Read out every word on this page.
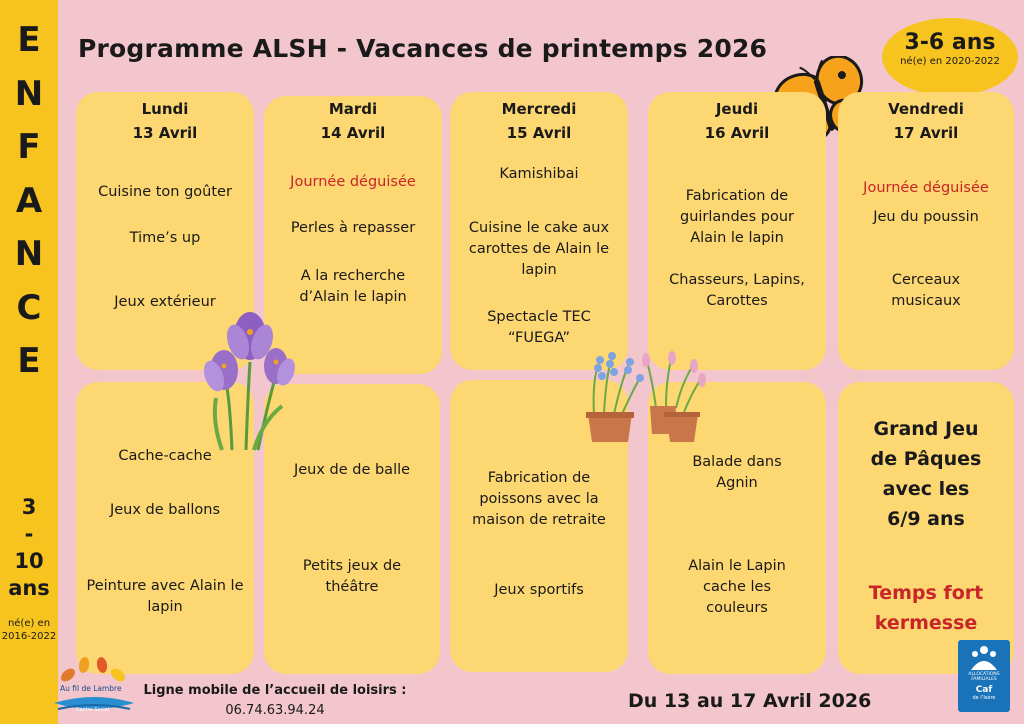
E
N
F
A
N
C
E
3
-
10
ans
né(e) en 2016-2022
Programme ALSH - Vacances de printemps 2026	3-6 ans
né(e) en 2020-2022
Lundi
13 Avril
Cuisine ton goûter
Time’s up
Jeux extérieur
Mardi
14 Avril
Journée déguisée
Perles à repasser
A la recherche d’Alain le lapin
Mercredi
15 Avril
Kamishibai
Cuisine le cake aux carottes de Alain le lapin
Spectacle TEC “FUEGA”
Jeudi
16 Avril
Fabrication de guirlandes pour Alain le lapin
Chasseurs, Lapins, Carottes
Vendredi
17 Avril
Journée déguisée
Jeu du poussin
Cerceaux musicaux
Cache-cache
Jeux de ballons
Peinture avec Alain le lapin
Jeux de de balle
Petits jeux de théâtre
Fabrication de poissons avec la maison de retraite
Jeux sportifs
Balade dans Agnin
Alain le Lapin cache les couleurs
Grand Jeu de Pâques avec les 6/9 ans
Temps fort kermesse
Au fil de Lambre
Centre Social
Ligne mobile de l’accueil de loisirs :
06.74.63.94.24	Du 13 au 17 Avril 2026
ALLOCATIONS FAMILIALES
Caf
de l’Isère
